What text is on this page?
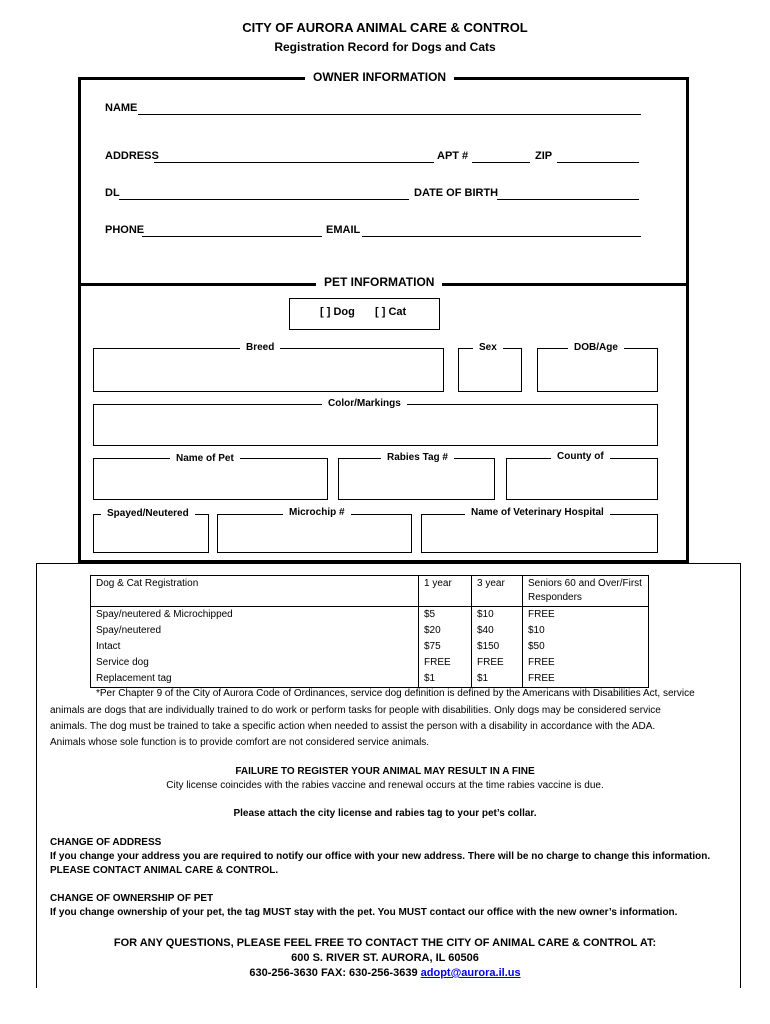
CITY OF AURORA ANIMAL CARE & CONTROL
Registration Record for Dogs and Cats
OWNER INFORMATION
NAME
ADDRESS	APT #	ZIP
DL	DATE OF BIRTH
PHONE	EMAIL
PET INFORMATION
[ ] Dog [ ] Cat
Breed	Sex	DOB/Age
Color/Markings
Name of Pet	Rabies Tag #	County of
Spayed/Neutered	Microchip #	Name of Veterinary Hospital
Dog & Cat Registration	1 year	3 year	Seniors 60 and Over/First Responders
Spay/neutered & Microchipped	$5	$10	FREE
Spay/neutered	$20	$40	$10
Intact	$75	$150	$50
Service dog	FREE	FREE	FREE
Replacement tag	$1	$1	FREE
*Per Chapter 9 of the City of Aurora Code of Ordinances, service dog definition is defined by the Americans with Disabilities Act, service
animals are dogs that are individually trained to do work or perform tasks for people with disabilities. Only dogs may be considered service
animals. The dog must be trained to take a specific action when needed to assist the person with a disability in accordance with the ADA.
Animals whose sole function is to provide comfort are not considered service animals.
FAILURE TO REGISTER YOUR ANIMAL MAY RESULT IN A FINE
City license coincides with the rabies vaccine and renewal occurs at the time rabies vaccine is due.
Please attach the city license and rabies tag to your pet’s collar.
CHANGE OF ADDRESS
If you change your address you are required to notify our office with your new address. There will be no charge to change this information.
PLEASE CONTACT ANIMAL CARE & CONTROL.
CHANGE OF OWNERSHIP OF PET
If you change ownership of your pet, the tag MUST stay with the pet. You MUST contact our office with the new owner’s information.
FOR ANY QUESTIONS, PLEASE FEEL FREE TO CONTACT THE CITY OF ANIMAL CARE & CONTROL AT:
600 S. RIVER ST. AURORA, IL 60506
630-256-3630 FAX: 630-256-3639 adopt@aurora.il.us
